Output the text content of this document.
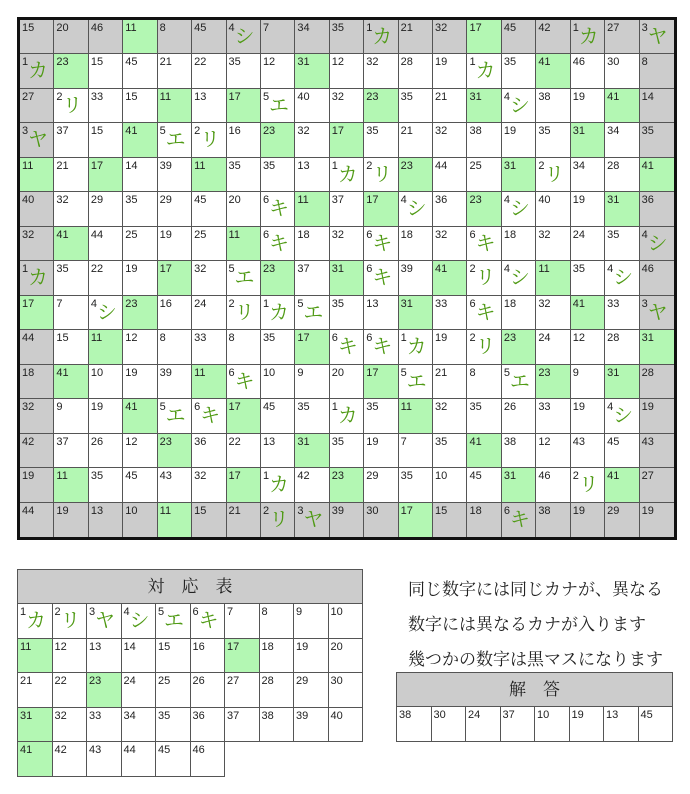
15 20 46 11 8	45 4 シ 7	34 35 1 カ 21 32 17 45 42 1 カ 27 3 ヤ
1 カ 23 15 45 21 22 35 12 31 12 32 28 19 1 カ 35 41 46 30 8
27 2 リ 33 15 11 13 17 5 エ 40 32 23 35 21 31 4 シ 38 19 41 14
3 ヤ 37 15 41 5 エ 2 リ 16 23 32 17 35 21 32 38 19 35 31 34 35
11 21 17 14 39 11 35 35 13 1 カ 2 リ 23 44 25 31 2 リ 34 28 41
40 32 29 35 29 45 20 6 キ 11 37 17 4 シ 36 23 4 シ 40 19 31 36
32 41 44 25 19 25 11 6 キ 18 32 6 キ 18 32 6 キ 18 32 24 35 4 シ
1 カ 35 22 19 17 32 5 エ 23 37 31 6 キ 39 41 2 リ 4 シ 11 35 4 シ 46
17 7	4 シ 23 16 24 2 リ 1 カ 5 エ 35 13 31 33 6 キ 18 32 41 33 3 ヤ
44 15 11 12 8	33 8	35 17 6 キ 6 キ 1 カ 19 2 リ 23 24 12 28 31
18 41 10 19 39 11 6 キ 10 9	20 17 5 エ 21 8	5 エ 23 9	31 28
32 9	19 41 5 エ 6 キ 17 45 35 1 カ 35 11 32 35 26 33 19 4 シ 19
42 37 26 12 23 36 22 13 31 35 19 7	35 41 38 12 43 45 43
19 11 35 45 43 32 17 1 カ 42 23 29 35 10 45 31 46 2 リ 41 27
44 19 13 10 11 15 21 2 リ 3 ヤ 39 30 17 15 18 6 キ 38 19 29 19
対　応　表
1 カ 2 リ 3 ヤ 4 シ 5 エ 6 キ 7	8	9	10
11 12 13 14 15 16 17 18 19 20
21 22 23 24 25 26 27 28 29 30
31 32 33 34 35 36 37 38 39 40
41 42 43 44 45 46
同じ数字には同じカナが、異なる
数字には異なるカナが入ります
幾つかの数字は黒マスになります
解　答
38 30 24 37 10 19 13 45
